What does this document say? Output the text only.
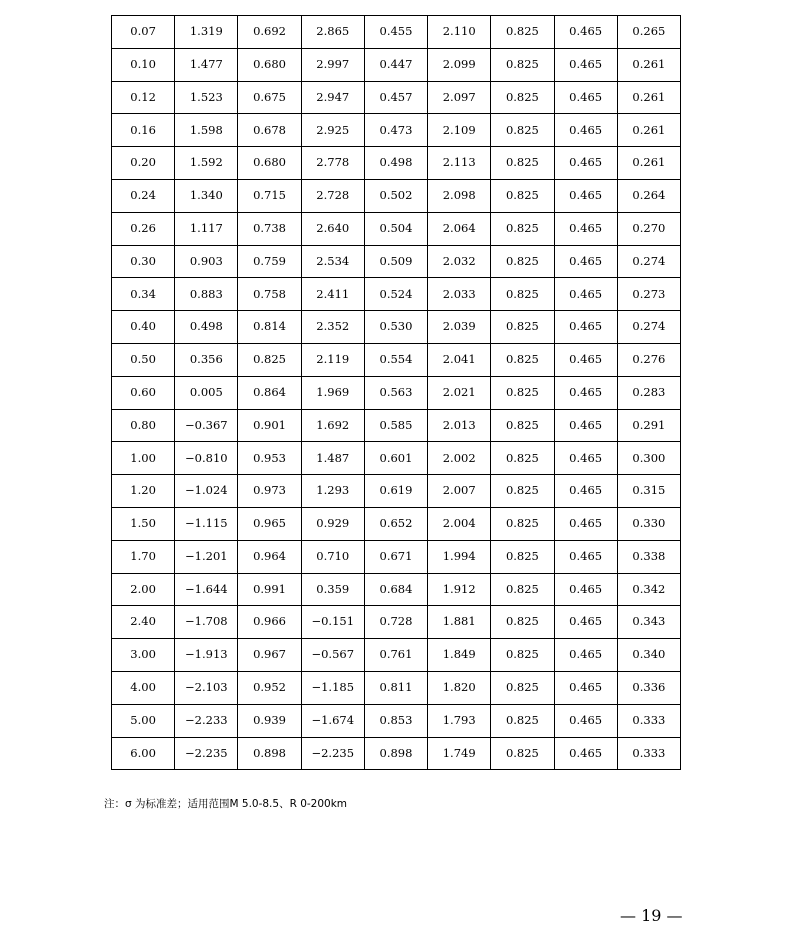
0.07	1.319	0.692	2.865	0.455	2.110	0.825	0.465	0.265
0.10	1.477	0.680	2.997	0.447	2.099	0.825	0.465	0.261
0.12	1.523	0.675	2.947	0.457	2.097	0.825	0.465	0.261
0.16	1.598	0.678	2.925	0.473	2.109	0.825	0.465	0.261
0.20	1.592	0.680	2.778	0.498	2.113	0.825	0.465	0.261
0.24	1.340	0.715	2.728	0.502	2.098	0.825	0.465	0.264
0.26	1.117	0.738	2.640	0.504	2.064	0.825	0.465	0.270
0.30	0.903	0.759	2.534	0.509	2.032	0.825	0.465	0.274
0.34	0.883	0.758	2.411	0.524	2.033	0.825	0.465	0.273
0.40	0.498	0.814	2.352	0.530	2.039	0.825	0.465	0.274
0.50	0.356	0.825	2.119	0.554	2.041	0.825	0.465	0.276
0.60	0.005	0.864	1.969	0.563	2.021	0.825	0.465	0.283
0.80	−0.367	0.901	1.692	0.585	2.013	0.825	0.465	0.291
1.00	−0.810	0.953	1.487	0.601	2.002	0.825	0.465	0.300
1.20	−1.024	0.973	1.293	0.619	2.007	0.825	0.465	0.315
1.50	−1.115	0.965	0.929	0.652	2.004	0.825	0.465	0.330
1.70	−1.201	0.964	0.710	0.671	1.994	0.825	0.465	0.338
2.00	−1.644	0.991	0.359	0.684	1.912	0.825	0.465	0.342
2.40	−1.708	0.966	−0.151	0.728	1.881	0.825	0.465	0.343
3.00	−1.913	0.967	−0.567	0.761	1.849	0.825	0.465	0.340
4.00	−2.103	0.952	−1.185	0.811	1.820	0.825	0.465	0.336
5.00	−2.233	0.939	−1.674	0.853	1.793	0.825	0.465	0.333
6.00	−2.235	0.898	−2.235	0.898	1.749	0.825	0.465	0.333
注：σ 为标准差；适用范围M 5.0-8.5、R 0-200km
— 19 —
